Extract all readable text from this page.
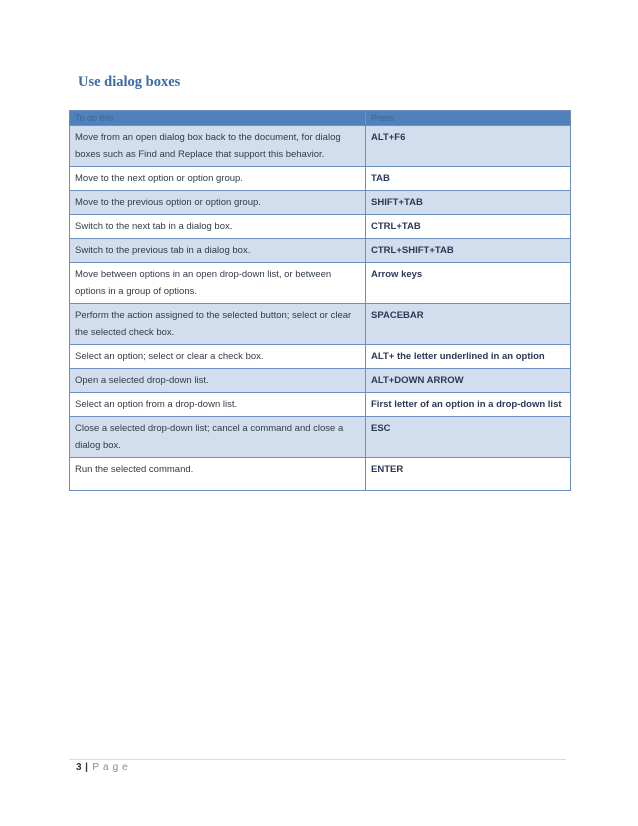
Use dialog boxes
To do this	Press
Move from an open dialog box back to the document, for dialog boxes such as Find and Replace that support this behavior.	ALT+F6
Move to the next option or option group.	TAB
Move to the previous option or option group.	SHIFT+TAB
Switch to the next tab in a dialog box.	CTRL+TAB
Switch to the previous tab in a dialog box.	CTRL+SHIFT+TAB
Move between options in an open drop-down list, or between options in a group of options.	Arrow keys
Perform the action assigned to the selected button; select or clear the selected check box.	SPACEBAR
Select an option; select or clear a check box.	ALT+ the letter underlined in an option
Open a selected drop-down list.	ALT+DOWN ARROW
Select an option from a drop-down list.	First letter of an option in a drop-down list
Close a selected drop-down list; cancel a command and close a dialog box.	ESC
Run the selected command.	ENTER
3 | Page
